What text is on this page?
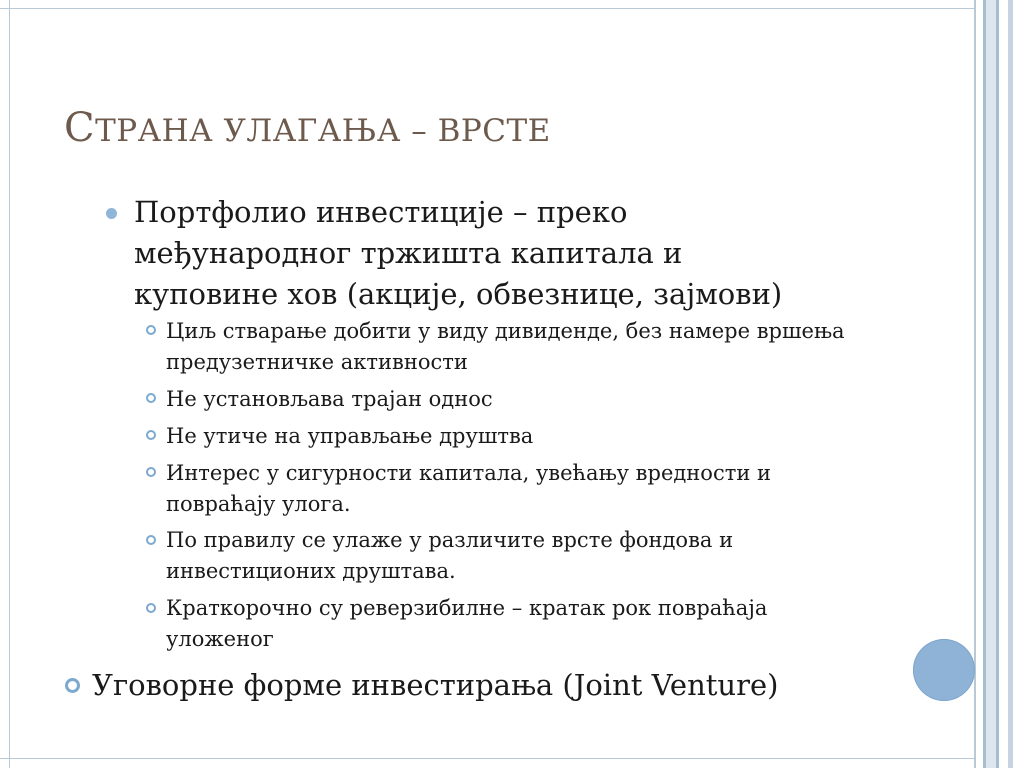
СТРАНА УЛАГАЊА – ВРСТЕ
Портфолио инвестиције – преко међународног тржишта капитала и куповине хов (акције, обвезнице, зајмови)
Циљ стварање добити у виду дивиденде, без намере вршења предузетничке активности
Не установљава трајан однос
Не утиче на управљање друштва
Интерес у сигурности капитала, увећању вредности и повраћају улога.
По правилу се улаже у различите врсте фондова и инвестиционих друштава.
Краткорочно су реверзибилне – кратак рок повраћаја уложеног
Уговорне форме инвестирања (Joint Venture)
